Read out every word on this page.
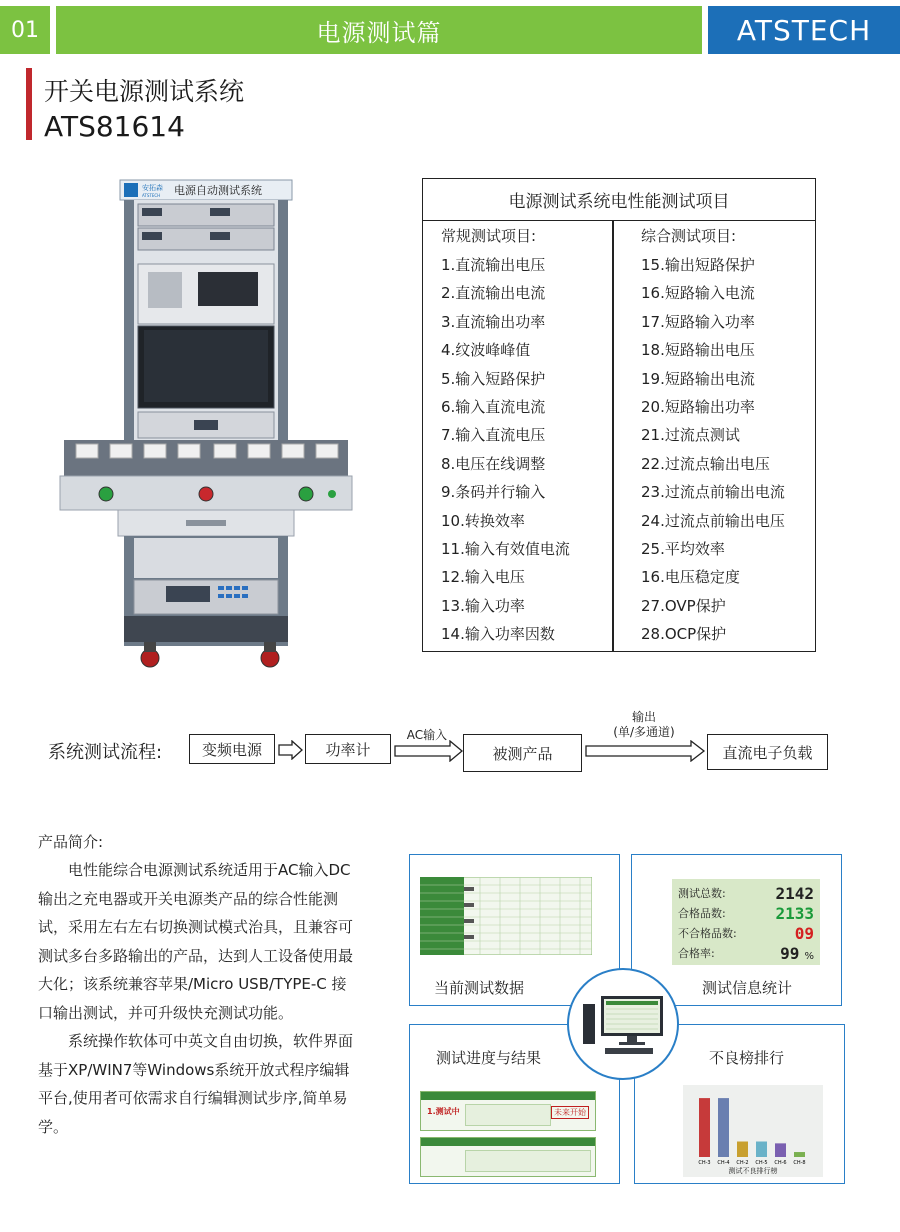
01	电源测试篇	ATSTECH
开关电源测试系统
ATS81614
安拓森
ATSTECH 电源自动测试系统
电源测试系统电性能测试项目
常规测试项目:
1.直流输出电压
2.直流输出电流
3.直流输出功率
4.纹波峰峰值
5.输入短路保护
6.输入直流电流
7.输入直流电压
8.电压在线调整
9.条码并行输入
10.转换效率
11.输入有效值电流
12.输入电压
13.输入功率
14.输入功率因数
综合测试项目:
15.输出短路保护
16.短路输入电流
17.短路输入功率
18.短路输出电压
19.短路输出电流
20.短路输出功率
21.过流点测试
22.过流点输出电压
23.过流点前输出电流
24.过流点前输出电压
25.平均效率
16.电压稳定度
27.OVP保护
28.OCP保护
系统测试流程:	变频电源	功率计
AC输入
被测产品
输出
(单/多通道)
直流电子负载
产品简介:

　　电性能综合电源测试系统适用于AC输入DC输出之充电器或开关电源类产品的综合性能测试，采用左右左右切换测试模式治具，且兼容可测试多台多路输出的产品，达到人工设备使用最大化；该系统兼容苹果/Micro USB/TYPE-C 接口输出测试，并可升级快充测试功能。

　　系统操作软体可中英文自由切换，软件界面基于XP/WIN7等Windows系统开放式程序编辑平台,使用者可依需求自行编辑测试步序,简单易学。

当前测试数据
测试总数:	2142
合格品数:	2133
不合格品数:	09
合格率:	99 %
测试信息统计
测试进度与结果
1.测试中	未来开始
不良榜排行
CH-3 CH-4 CH-2 CH-5 CH-6 CH-8
测试不良排行榜
